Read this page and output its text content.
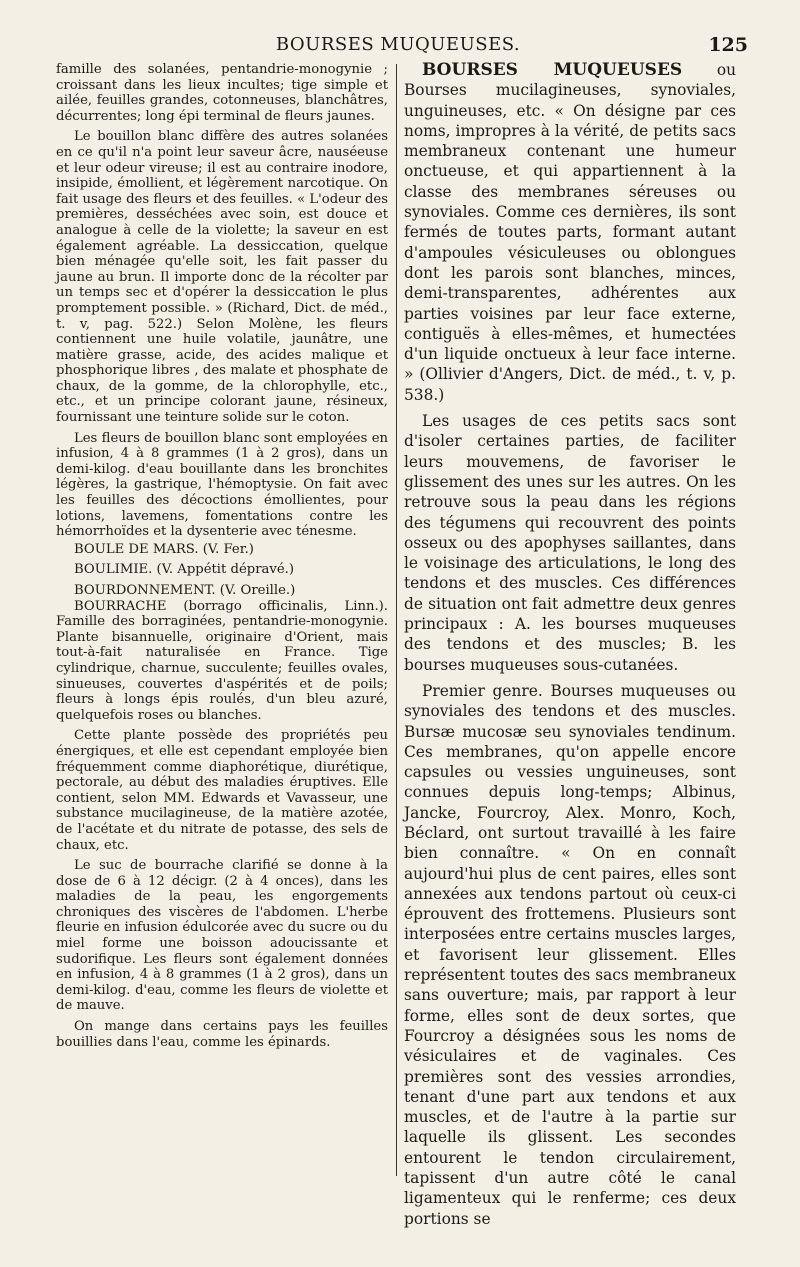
BOURSES MUQUEUSES.	125

famille des solanées, pentandrie-monogynie ; croissant dans les lieux incultes; tige simple et ailée, feuilles grandes, cotonneuses, blanchâtres, décurrentes; long épi terminal de fleurs jaunes.

Le bouillon blanc diffère des autres solanées en ce qu'il n'a point leur saveur âcre, nauséeuse et leur odeur vireuse; il est au contraire inodore, insipide, émollient, et légèrement narcotique. On fait usage des fleurs et des feuilles. « L'odeur des premières, desséchées avec soin, est douce et analogue à celle de la violette; la saveur en est également agréable. La dessiccation, quelque bien ménagée qu'elle soit, les fait passer du jaune au brun. Il importe donc de la récolter par un temps sec et d'opérer la dessiccation le plus promptement possible. » (Richard, Dict. de méd., t. v, pag. 522.) Selon Molène, les fleurs contiennent une huile volatile, jaunâtre, une matière grasse, acide, des acides malique et phosphorique libres , des malate et phosphate de chaux, de la gomme, de la chlorophylle, etc., etc., et un principe colorant jaune, résineux, fournissant une teinture solide sur le coton.

Les fleurs de bouillon blanc sont employées en infusion, 4 à 8 grammes (1 à 2 gros), dans un demi-kilog. d'eau bouillante dans les bronchites légères, la gastrique, l'hémoptysie. On fait avec les feuilles des décoctions émollientes, pour lotions, lavemens, fomentations contre les hémorrhoïdes et la dysenterie avec ténesme.

BOULE DE MARS. (V. Fer.)

BOULIMIE. (V. Appétit dépravé.)

BOURDONNEMENT. (V. Oreille.)

BOURRACHE (borrago officinalis, Linn.). Famille des borraginées, pentandrie-monogynie. Plante bisannuelle, originaire d'Orient, mais tout-à-fait naturalisée en France. Tige cylindrique, charnue, succulente; feuilles ovales, sinueuses, couvertes d'aspérités et de poils; fleurs à longs épis roulés, d'un bleu azuré, quelquefois roses ou blanches.

Cette plante possède des propriétés peu énergiques, et elle est cependant employée bien fréquemment comme diaphorétique, diurétique, pectorale, au début des maladies éruptives. Elle contient, selon MM. Edwards et Vavasseur, une substance mucilagineuse, de la matière azotée, de l'acétate et du nitrate de potasse, des sels de chaux, etc.

Le suc de bourrache clarifié se donne à la dose de 6 à 12 décigr. (2 à 4 onces), dans les maladies de la peau, les engorgements chroniques des viscères de l'abdomen. L'herbe fleurie en infusion édulcorée avec du sucre ou du miel forme une boisson adoucissante et sudorifique. Les fleurs sont également données en infusion, 4 à 8 grammes (1 à 2 gros), dans un demi-kilog. d'eau, comme les fleurs de violette et de mauve.

On mange dans certains pays les feuilles bouillies dans l'eau, comme les épinards.

BOURSES MUQUEUSES ou Bourses mucilagineuses, synoviales, unguineuses, etc. « On désigne par ces noms, impropres à la vérité, de petits sacs membraneux contenant une humeur onctueuse, et qui appartiennent à la classe des membranes séreuses ou synoviales. Comme ces dernières, ils sont fermés de toutes parts, formant autant d'ampoules vésiculeuses ou oblongues dont les parois sont blanches, minces, demi-transparentes, adhérentes aux parties voisines par leur face externe, contiguës à elles-mêmes, et humectées d'un liquide onctueux à leur face interne. » (Ollivier d'Angers, Dict. de méd., t. v, p. 538.)

Les usages de ces petits sacs sont d'isoler certaines parties, de faciliter leurs mouvemens, de favoriser le glissement des unes sur les autres. On les retrouve sous la peau dans les régions des tégumens qui recouvrent des points osseux ou des apophyses saillantes, dans le voisinage des articulations, le long des tendons et des muscles. Ces différences de situation ont fait admettre deux genres principaux : A. les bourses muqueuses des tendons et des muscles; B. les bourses muqueuses sous-cutanées.

Premier genre. Bourses muqueuses ou synoviales des tendons et des muscles. Bursæ mucosæ seu synoviales tendinum. Ces membranes, qu'on appelle encore capsules ou vessies unguineuses, sont connues depuis long-temps; Albinus, Jancke, Fourcroy, Alex. Monro, Koch, Béclard, ont surtout travaillé à les faire bien connaître. « On en connaît aujourd'hui plus de cent paires, elles sont annexées aux tendons partout où ceux-ci éprouvent des frottemens. Plusieurs sont interposées entre certains muscles larges, et favorisent leur glissement. Elles représentent toutes des sacs membraneux sans ouverture; mais, par rapport à leur forme, elles sont de deux sortes, que Fourcroy a désignées sous les noms de vésiculaires et de vaginales. Ces premières sont des vessies arrondies, tenant d'une part aux tendons et aux muscles, et de l'autre à la partie sur laquelle ils glissent. Les secondes entourent le tendon circulairement, tapissent d'un autre côté le canal ligamenteux qui le renferme; ces deux portions se
